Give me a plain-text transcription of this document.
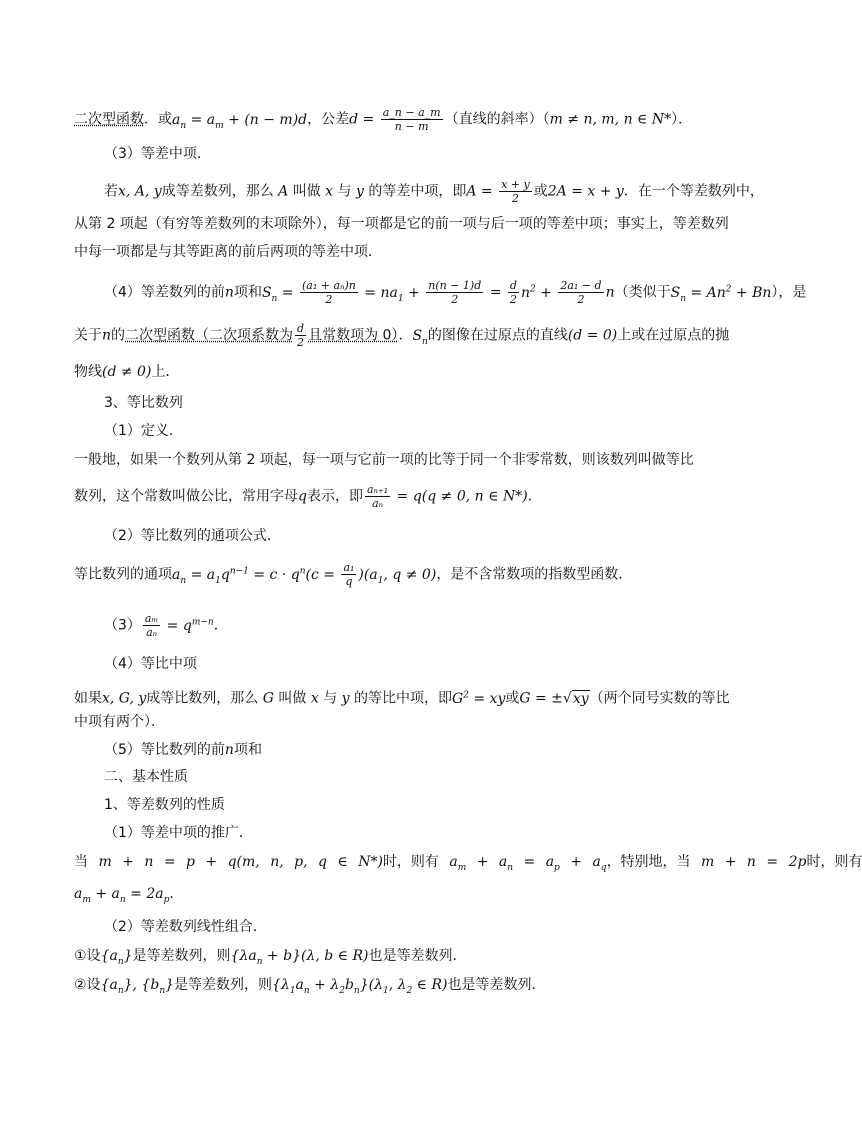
二次型函数．或$a_n = a_m + (n - m)d$，公差$d = \frac{a\_n - a\_m}{n - m}$ （直线的斜率）（m ≠ n, m, n ∈ N*）．
（3）等差中项．
若x, A, y成等差数列，那么 A 叫做 x 与 y 的等差中项，即$A = \frac{x + y}{2}$ 或2A = x + y．在一个等差数列中，
从第 2 项起（有穷等差数列的末项除外），每一项都是它的前一项与后一项的等差中项；事实上，等差数列
中每一项都是与其等距离的前后两项的等差中项．
（4）等差数列的前n项和$S_n = \frac{\text{(a₁ + aₙ)n}}{2} = na_1 + \frac{n(n - 1)d}{2} = \frac{d}{2} n^2 + \frac{\text{2a₁ − d}}{2} n$（类似于$S_n = An^2 + Bn$），是
关于n的二次型函数（二次项系数为 $\frac{d}{2}$ 且常数项为 0）．$S_n$的图像在过原点的直线(d = 0)上或在过原点的抛
物线(d ≠ 0)上．
3、等比数列
（1）定义．
一般地，如果一个数列从第 2 项起，每一项与它前一项的比等于同一个非零常数，则该数列叫做等比
数列，这个常数叫做公比，常用字母q表示，即 $\frac{\text{aₙ₊₁}}{\text{aₙ}} = q(q \ne 0$, n ∈ N*)．
（2）等比数列的通项公式．
等比数列的通项$a_n = a_1q^{n-1} = c \cdot q^n(c = \frac{\text{a₁}}{q} )(a_1$, q ≠ 0)，是不含常数项的指数型函数．
$(3) \frac{\text{aₘ}}{\text{aₙ}} = q^{m-n}$．
（4）等比中项
如果x, G, y成等比数列，那么 G 叫做 x 与 y 的等比中项，即$G^2$ = xy或G = ±√xy（两个同号实数的等比
中项有两个）．
（5）等比数列的前n项和
二、基本性质
1、等差数列的性质
（1）等差中项的推广．
当 m + n = p + q(m, n, p, q ∈ N*)时，则有 $a_m + a_n = a_p + a_q$，特别地，当 m + n = 2p时，则有
$a_m + a_n = 2a_p$．
（2）等差数列线性组合．
①设$\{a_n\}$是等差数列，则$\{\lambda a_n + b\}(\lambda$, b ∈ R)也是等差数列．
②设$\{a_n\}$, $\{b_n\}$是等差数列，则$\{\lambda_1a_n + \lambda_2b_n\}(\lambda_1$, $\lambda_2$ ∈ R)也是等差数列．
